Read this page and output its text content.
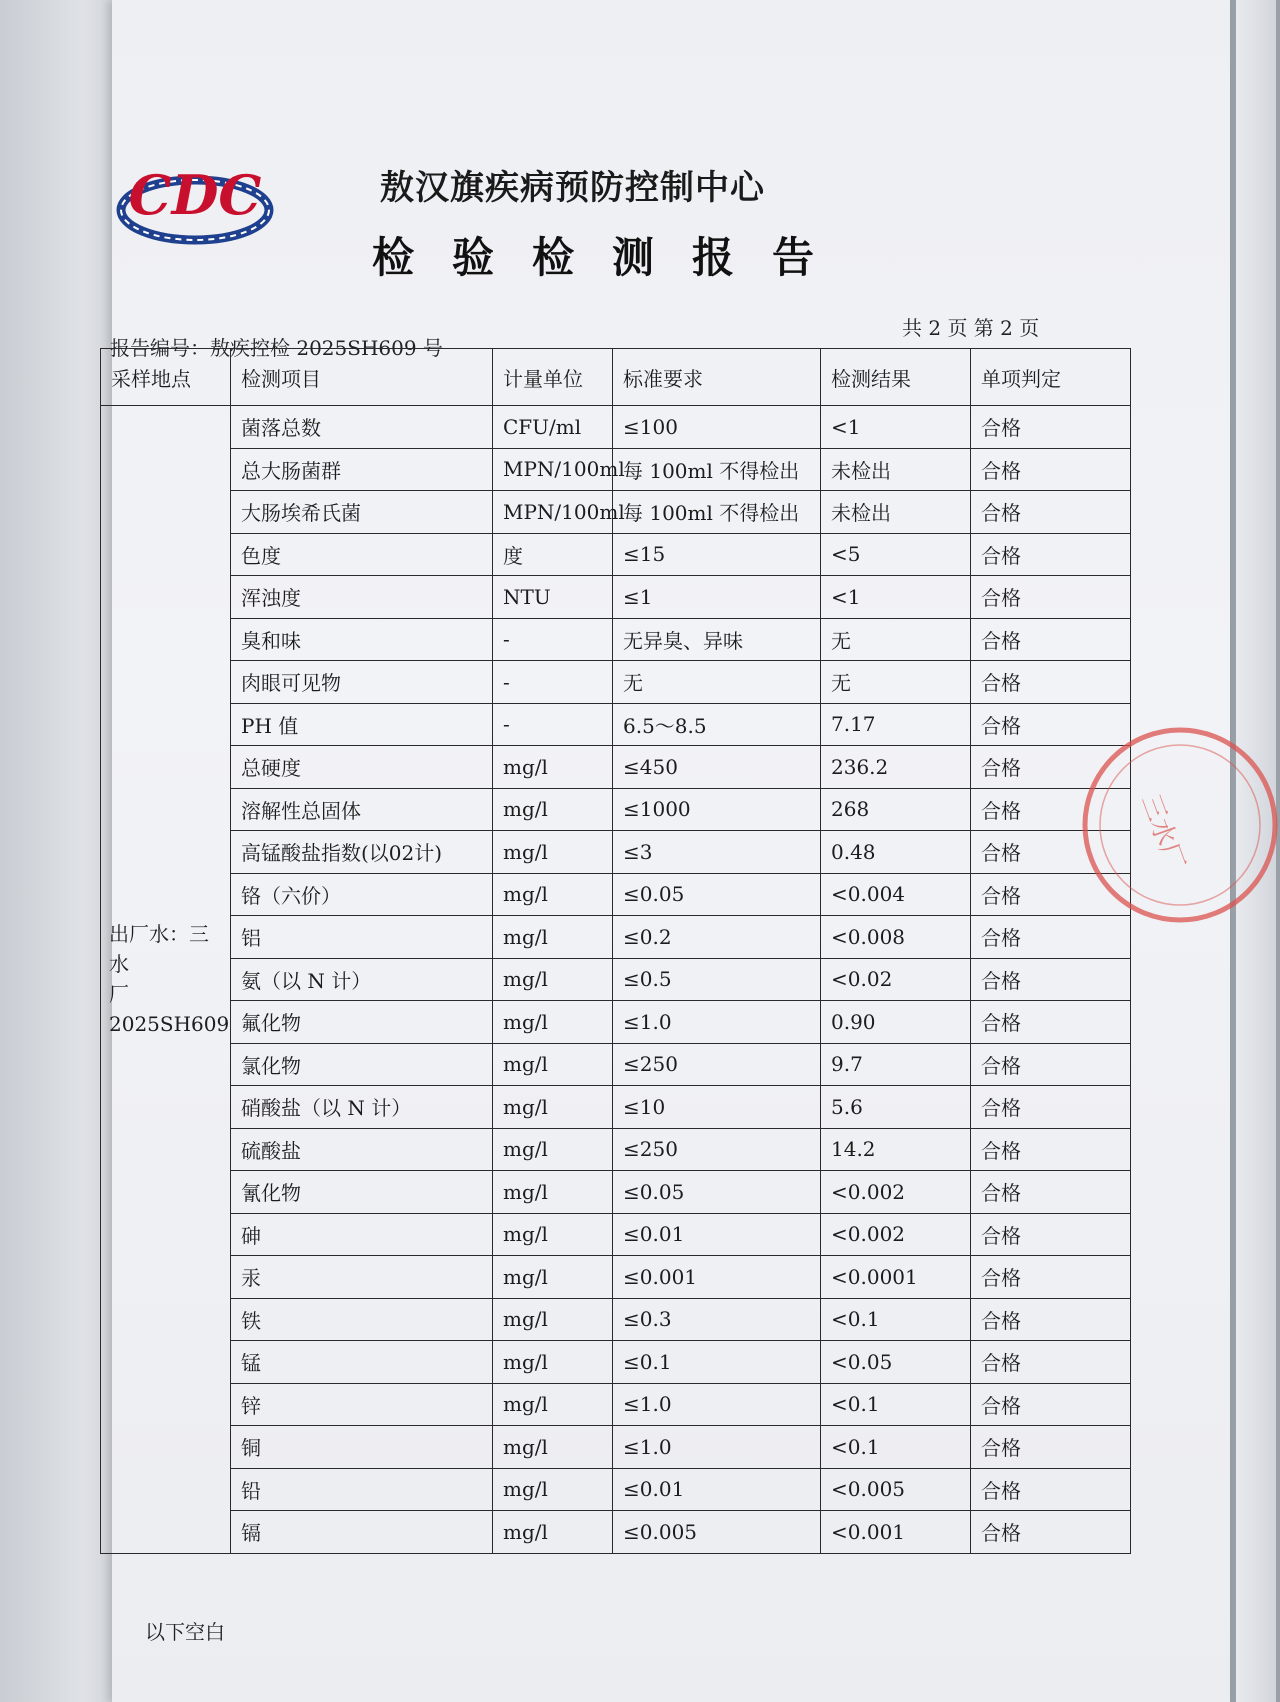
CDC	敖汉旗疾病预防控制中心
检验检测报告
共 2 页 第 2 页
报告编号：敖疾控检 2025SH609 号
采样地点	检测项目	计量单位	标准要求	检测结果	单项判定

出厂水：三水
厂
2025SH609	菌落总数	CFU/ml	≤100	<1	合格
	总大肠菌群	MPN/100ml	每 100ml 不得检出	未检出	合格
	大肠埃希氏菌	MPN/100ml	每 100ml 不得检出	未检出	合格
	色度	度	≤15	<5	合格
	浑浊度	NTU	≤1	<1	合格
	臭和味	-	无异臭、异味	无	合格
	肉眼可见物	-	无	无	合格
	PH 值	-	6.5～8.5	7.17	合格
	总硬度	mg/l	≤450	236.2	合格
	溶解性总固体	mg/l	≤1000	268	合格
	高锰酸盐指数(以02计)	mg/l	≤3	0.48	合格
	铬（六价）	mg/l	≤0.05	<0.004	合格
	铝	mg/l	≤0.2	<0.008	合格
	氨（以 N 计）	mg/l	≤0.5	<0.02	合格
	氟化物	mg/l	≤1.0	0.90	合格
	氯化物	mg/l	≤250	9.7	合格
	硝酸盐（以 N 计）	mg/l	≤10	5.6	合格
	硫酸盐	mg/l	≤250	14.2	合格
	氰化物	mg/l	≤0.05	<0.002	合格
	砷	mg/l	≤0.01	<0.002	合格
	汞	mg/l	≤0.001	<0.0001	合格
	铁	mg/l	≤0.3	<0.1	合格
	锰	mg/l	≤0.1	<0.05	合格
	锌	mg/l	≤1.0	<0.1	合格
	铜	mg/l	≤1.0	<0.1	合格
	铅	mg/l	≤0.01	<0.005	合格
	镉	mg/l	≤0.005	<0.001	合格
以下空白
三水厂
